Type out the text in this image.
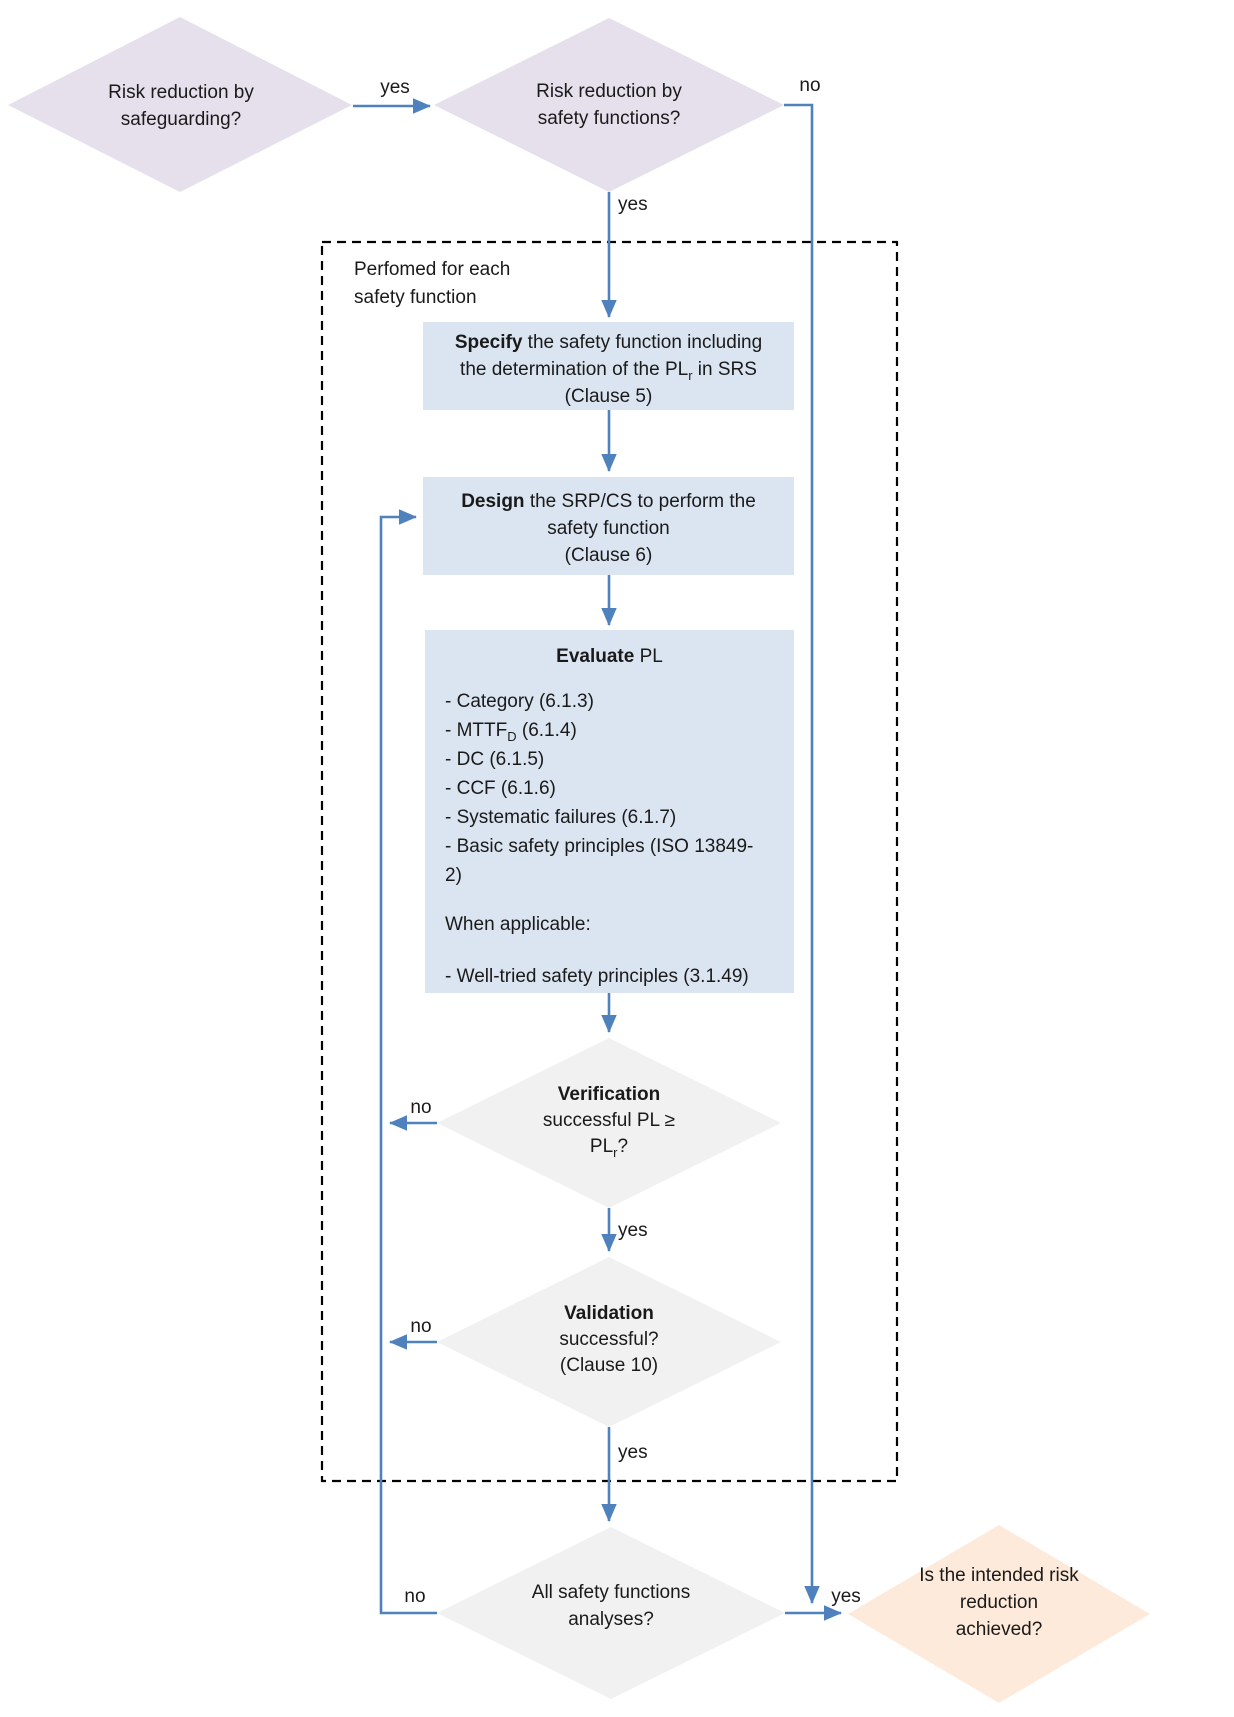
Risk reduction by
safeguarding?
Risk reduction by
safety functions?
Perfomed for each
safety function
Specify the safety function including
the determination of the $PL_r$ in SRS
(Clause 5)
Design the SRP/CS to perform the
safety function
(Clause 6)
Evaluate PL
- Category (6.1.3)
- $MTTF_D$ (6.1.4)
- DC (6.1.5)
- CCF (6.1.6)
- Systematic failures (6.1.7)
- Basic safety principles (ISO 13849-
2)
When applicable:
- Well-tried safety principles (3.1.49)
Verification
successful PL ≥
$PL_r$?
Validation
successful?
(Clause 10)
All safety functions
analyses?
Is the intended risk
reduction
achieved?
yes	no
yes
no
yes
no
yes
no	yes
